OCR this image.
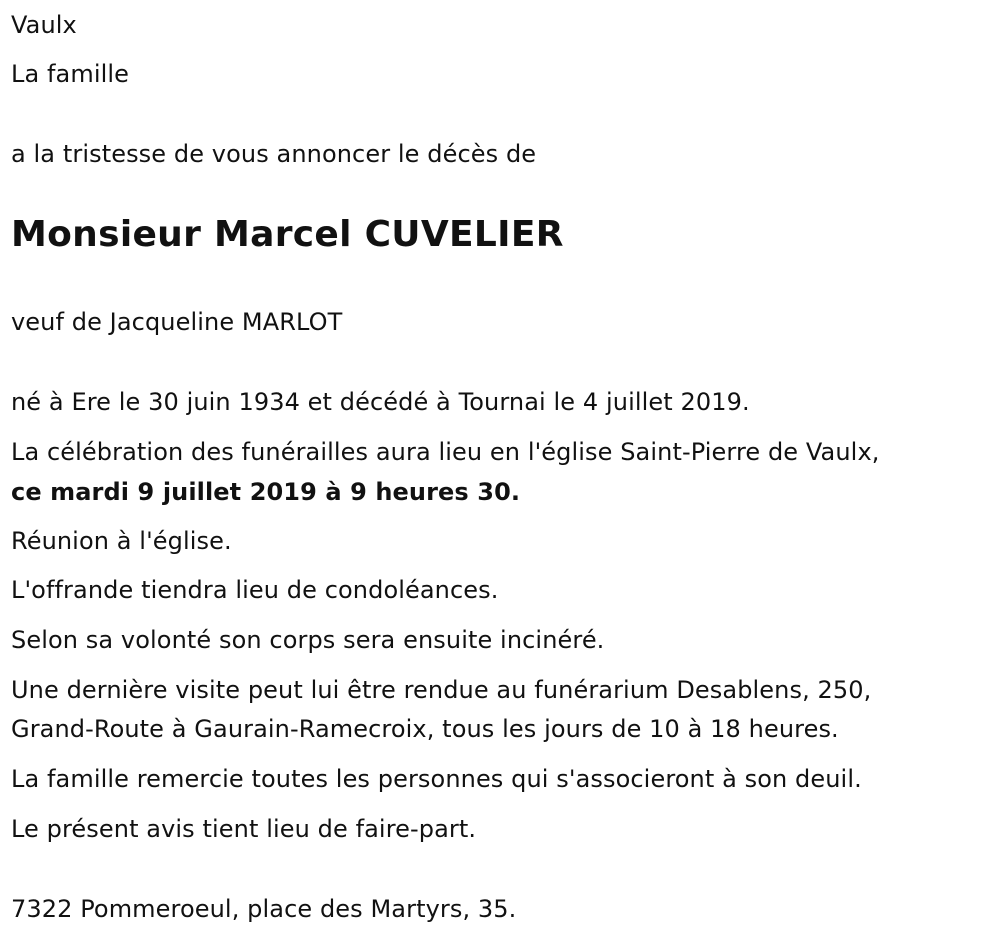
Vaulx
La famille
a la tristesse de vous annoncer le décès de
Monsieur Marcel CUVELIER
veuf de Jacqueline MARLOT
né à Ere le 30 juin 1934 et décédé à Tournai le 4 juillet 2019.
La célébration des funérailles aura lieu en l'église Saint-Pierre de Vaulx,
ce mardi 9 juillet 2019 à 9 heures 30.
Réunion à l'église.
L'offrande tiendra lieu de condoléances.
Selon sa volonté son corps sera ensuite incinéré.
Une dernière visite peut lui être rendue au funérarium Desablens, 250,
Grand-Route à Gaurain-Ramecroix, tous les jours de 10 à 18 heures.
La famille remercie toutes les personnes qui s'associeront à son deuil.
Le présent avis tient lieu de faire-part.
7322 Pommeroeul, place des Martyrs, 35.
